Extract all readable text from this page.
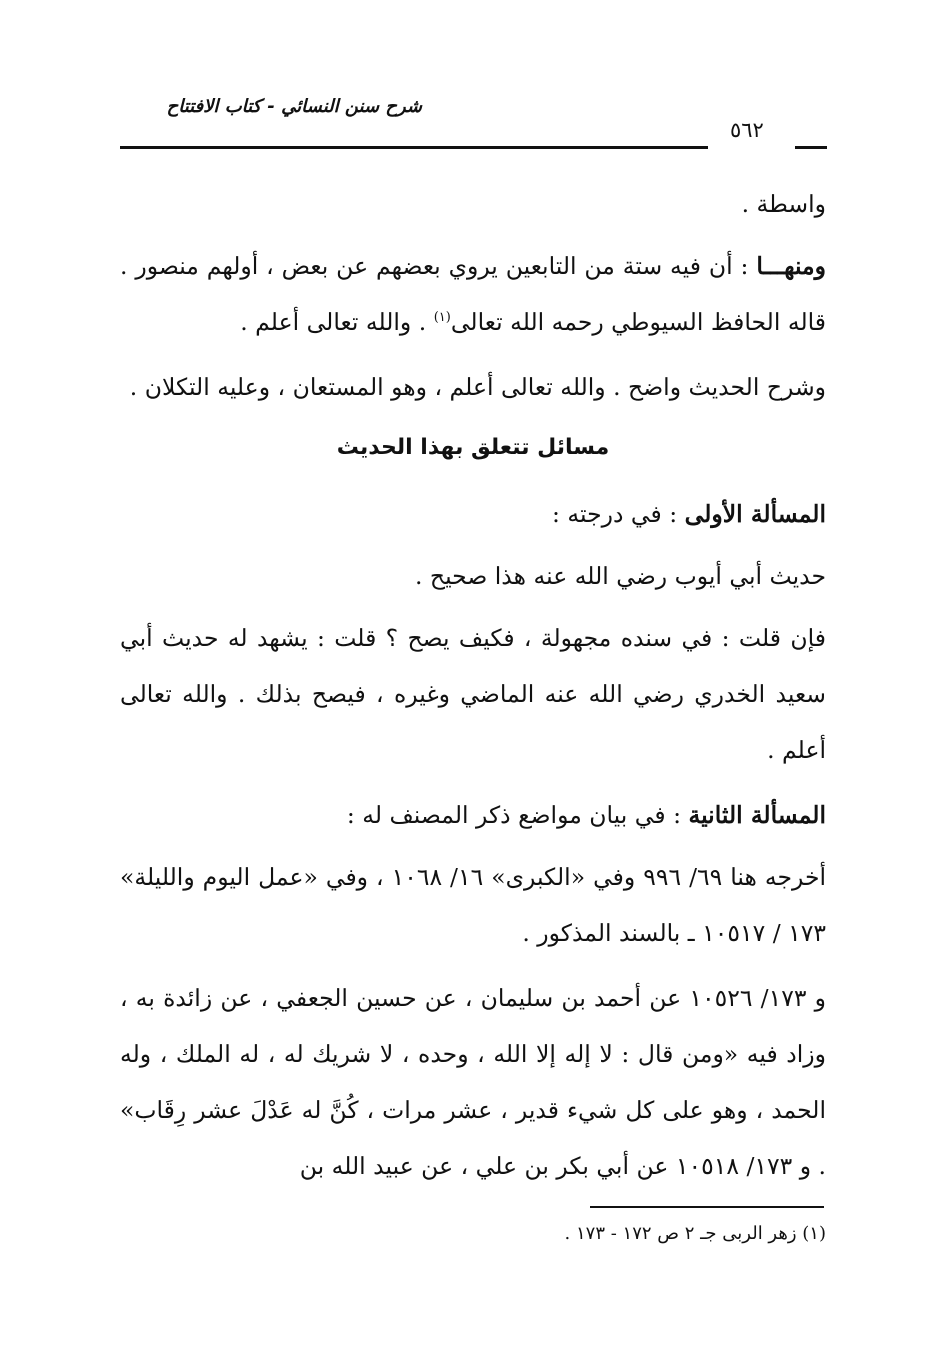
شرح سنن النسائي - كتاب الافتتاح
٥٦٢

واسطة .

ومنهـــا : أن فيه ستة من التابعين يروي بعضهم عن بعض ، أولهم منصور . قاله الحافظ السيوطي رحمه الله تعالى$^{(١)}$ . والله تعالى أعلم .

وشرح الحديث واضح . والله تعالى أعلم ، وهو المستعان ، وعليه التكلان .

مسائل تتعلق بهذا الحديث

المسألة الأولى : في درجته :

حديث أبي أيوب رضي الله عنه هذا صحيح .

فإن قلت : في سنده مجهولة ، فكيف يصح ؟ قلت : يشهد له حديث أبي سعيد الخدري رضي الله عنه الماضي وغيره ، فيصح بذلك . والله تعالى أعلم .

المسألة الثانية : في بيان مواضع ذكر المصنف له :

أخرجه هنا ٦٩/ ٩٩٦ وفي «الكبرى» ١٦/ ١٠٦٨ ، وفي «عمل اليوم والليلة» ١٧٣ / ١٠٥١٧ ـ بالسند المذكور .

و ١٧٣/ ١٠٥٢٦ عن أحمد بن سليمان ، عن حسين الجعفي ، عن زائدة به ، وزاد فيه «ومن قال : لا إله إلا الله ، وحده ، لا شريك له ، له الملك ، وله الحمد ، وهو على كل شيء قدير ، عشر مرات ، كُنَّ له عَدْلَ عشر رِقَاب» . و ١٧٣/ ١٠٥١٨ عن أبي بكر بن علي ، عن عبيد الله بن

(١) زهر الربى جـ ٢ ص ١٧٢ - ١٧٣ .
